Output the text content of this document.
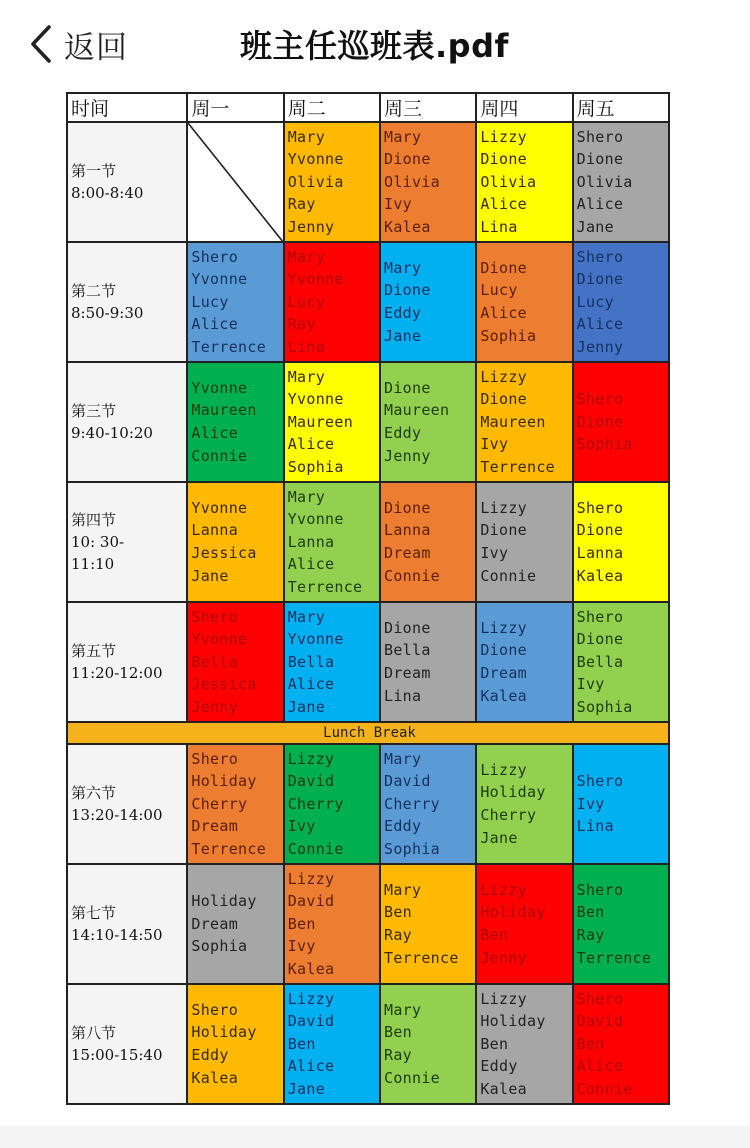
返回	班主任巡班表.pdf
时间	周一	周二	周三	周四	周五

第一节
8:00-8:40		Mary
Yvonne
Olivia
Ray
Jenny	Mary
Dione
Olivia
Ivy
Kalea	Lizzy
Dione
Olivia
Alice
Lina	Shero
Dione
Olivia
Alice
Jane

第二节
8:50-9:30	Shero
Yvonne
Lucy
Alice
Terrence	Mary
Yvonne
Lucy
Ray
Lina	Mary
Dione
Eddy
Jane	Dione
Lucy
Alice
Sophia	Shero
Dione
Lucy
Alice
Jenny

第三节
9:40-10:20	Yvonne
Maureen
Alice
Connie	Mary
Yvonne
Maureen
Alice
Sophia	Dione
Maureen
Eddy
Jenny	Lizzy
Dione
Maureen
Ivy
Terrence	Shero
Dione
Sophia

第四节
10: 30-
11:10	Yvonne
Lanna
Jessica
Jane	Mary
Yvonne
Lanna
Alice
Terrence	Dione
Lanna
Dream
Connie	Lizzy
Dione
Ivy
Connie	Shero
Dione
Lanna
Kalea

第五节
11:20-12:00	Shero
Yvonne
Bella
Jessica
Jenny	Mary
Yvonne
Bella
Alice
Jane	Dione
Bella
Dream
Lina	Lizzy
Dione
Dream
Kalea	Shero
Dione
Bella
Ivy
Sophia

Lunch Break					

第六节
13:20-14:00	Shero
Holiday
Cherry
Dream
Terrence	Lizzy
David
Cherry
Ivy
Connie	Mary
David
Cherry
Eddy
Sophia	Lizzy
Holiday
Cherry
Jane	Shero
Ivy
Lina

第七节
14:10-14:50	Holiday
Dream
Sophia	Lizzy
David
Ben
Ivy
Kalea	Mary
Ben
Ray
Terrence	Lizzy
Holiday
Ben
Jenny	Shero
Ben
Ray
Terrence

第八节
15:00-15:40	Shero
Holiday
Eddy
Kalea	Lizzy
David
Ben
Alice
Jane	Mary
Ben
Ray
Connie	Lizzy
Holiday
Ben
Eddy
Kalea	Shero
David
Ben
Alice
Connie
